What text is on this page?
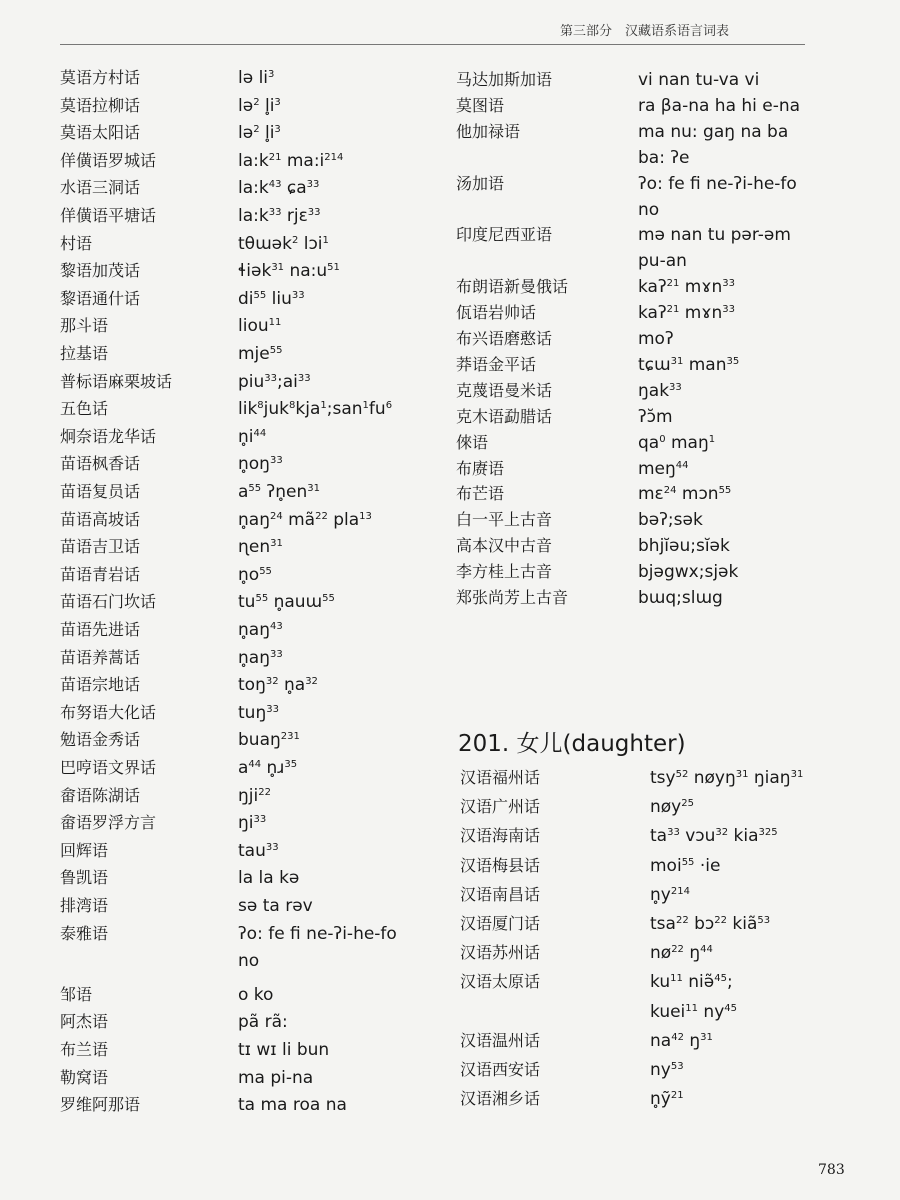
第三部分　汉藏语系语言词表
莫语方村话	lə $li^3$
莫语拉柳话	lə$^2$ $l̥i^3$
莫语太阳话	lə$^2$ $l̥i^3$
佯僙语罗城话	$la:k^{21}$ $ma:i^{214}$
水语三洞话	$la:k^{43}$ ɕa$^{33}$
佯僙语平塘话	$la:k^{33}$ rjɛ$^{33}$
村语	tθɯək$^2$ lɔi$^1$
黎语加茂话	ɬiək$^{31}$ $na:u^{51}$
黎语通什话	$di^{55}$ liu$^{33}$
那斗语	liou$^{11}$
拉基语	mje$^{55}$
普标语麻栗坡话	$piu^{33};ai^{33}$
五色话	$lik^8juk^8kja^1;san^1fu^6$
炯奈语龙华话	$n̥i^{44}$
苗语枫香话	$n̥oŋ^{33}$
苗语复员话	$a^{55}$ $ʔn̥en^{31}$
苗语高坡话	$n̥aŋ^{24}$ $mã^{22}$ pla$^{13}$
苗语吉卫话	ɳen$^{31}$
苗语青岩话	$n̥o^{55}$
苗语石门坎话	$tu^{55}$ n̥auɯ$^{55}$
苗语先进话	$n̥aŋ^{43}$
苗语养蒿话	$n̥aŋ^{33}$
苗语宗地话	toŋ$^{32}$ $n̥a^{32}$
布努语大化话	tuŋ$^{33}$
勉语金秀话	buaŋ$^{231}$
巴哼语文界话	$a^{44}$ n̥ɹ$^{35}$
畲语陈湖话	ŋji$^{22}$
畲语罗浮方言	$ŋi^{33}$
回辉语	tau$^{33}$
鲁凯语	la la kə
排湾语	sə ta rəv
泰雅语	ʔo: fe fi ne-ʔi-he-fo
no
邹语	o ko
阿杰语	pã rã:
布兰语	tɪ wɪ li bun
勒窝语	ma pi-na
罗维阿那语	ta ma roa na
马达加斯加语	vi nan tu-va vi
莫图语	ra βa-na ha hi e-na
他加禄语	ma nu: gaŋ na ba
ba: ʔe
汤加语	ʔo: fe fi ne-ʔi-he-fo
no
印度尼西亚语	mə nan tu pər-əm
pu-an
布朗语新曼俄话	kaʔ$^{21}$ mɤn$^{33}$
佤语岩帅话	kaʔ$^{21}$ mɤn$^{33}$
布兴语磨憨话	moʔ
莽语金平话	tɕɯ$^{31}$ man$^{35}$
克蔑语曼米话	ŋak$^{33}$
克木语勐腊话	ʔɔ̆m
倈语	$qa^0$ maŋ$^1$
布赓语	meŋ$^{44}$
布芒语	mɛ$^{24}$ mɔn$^{55}$
白一平上古音	bəʔ;sək
高本汉中古音	bhjĭəu;sĭək
李方桂上古音	bjəgwx;sjək
郑张尚芳上古音	bɯq;slɯg
201. 女儿(daughter)
汉语福州话	tsy$^{52}$ nøyŋ$^{31}$ ŋiaŋ$^{31}$
汉语广州话	nøy$^{25}$
汉语海南话	$ta^{33}$ vɔu$^{32}$ kia$^{325}$
汉语梅县话	moi$^{55}$ ·ie
汉语南昌话	$n̥y^{214}$
汉语厦门话	tsa$^{22}$ bɔ$^{22}$ kiã$^{53}$
汉语苏州话	$nø^{22}$ $ŋ^{44}$
汉语太原话	$ku^{11}$ niə̃$^{45}$;
kuei$^{11}$ $ny^{45}$
汉语温州话	$na^{42}$ $ŋ^{31}$
汉语西安话	$ny^{53}$
汉语湘乡话	n̥ỹ$^{21}$
783
